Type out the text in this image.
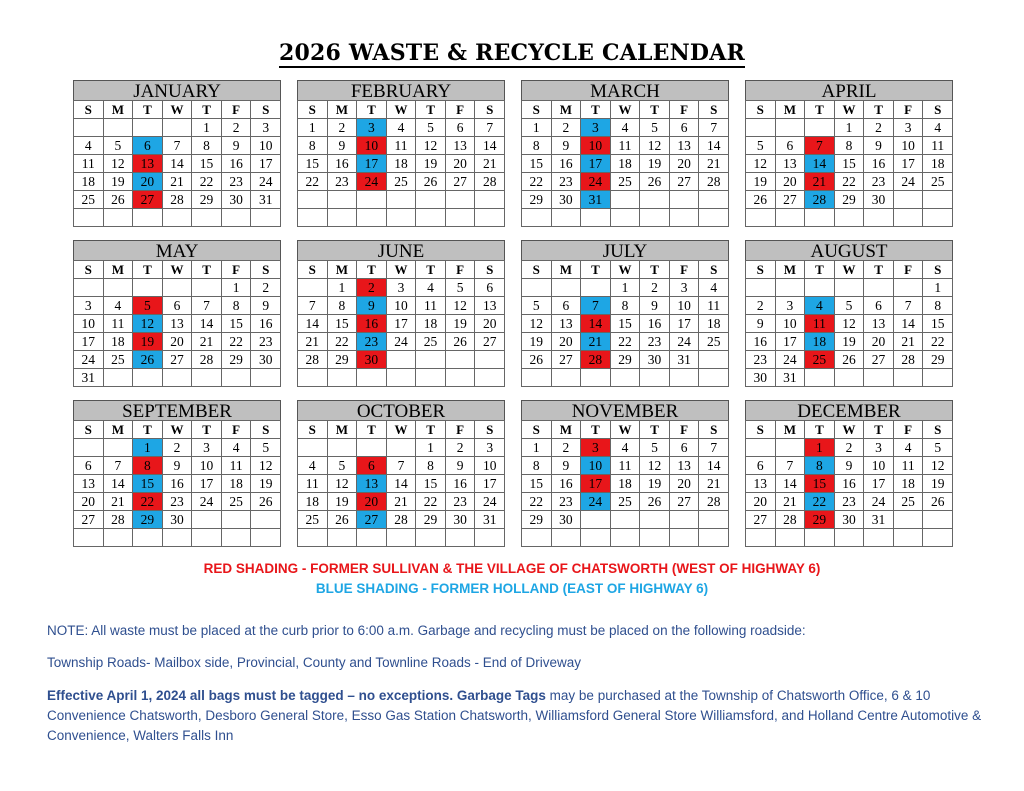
2026 WASTE & RECYCLE CALENDAR
JANUARY
S	M	T	W	T	F	S
				1	2	3
4	5	6	7	8	9	10
11	12	13	14	15	16	17
18	19	20	21	22	23	24
25	26	27	28	29	30	31

FEBRUARY
S	M	T	W	T	F	S
1	2	3	4	5	6	7
8	9	10	11	12	13	14
15	16	17	18	19	20	21
22	23	24	25	26	27	28

MARCH
S	M	T	W	T	F	S
1	2	3	4	5	6	7
8	9	10	11	12	13	14
15	16	17	18	19	20	21
22	23	24	25	26	27	28
29	30	31				

APRIL
S	M	T	W	T	F	S
			1	2	3	4
5	6	7	8	9	10	11
12	13	14	15	16	17	18
19	20	21	22	23	24	25
26	27	28	29	30		

MAY
S	M	T	W	T	F	S
					1	2
3	4	5	6	7	8	9
10	11	12	13	14	15	16
17	18	19	20	21	22	23
24	25	26	27	28	29	30
31						
JUNE
S	M	T	W	T	F	S
	1	2	3	4	5	6
7	8	9	10	11	12	13
14	15	16	17	18	19	20
21	22	23	24	25	26	27
28	29	30				

JULY
S	M	T	W	T	F	S
			1	2	3	4
5	6	7	8	9	10	11
12	13	14	15	16	17	18
19	20	21	22	23	24	25
26	27	28	29	30	31	

AUGUST
S	M	T	W	T	F	S
						1
2	3	4	5	6	7	8
9	10	11	12	13	14	15
16	17	18	19	20	21	22
23	24	25	26	27	28	29
30	31					
SEPTEMBER
S	M	T	W	T	F	S
		1	2	3	4	5
6	7	8	9	10	11	12
13	14	15	16	17	18	19
20	21	22	23	24	25	26
27	28	29	30			

OCTOBER
S	M	T	W	T	F	S
				1	2	3
4	5	6	7	8	9	10
11	12	13	14	15	16	17
18	19	20	21	22	23	24
25	26	27	28	29	30	31

NOVEMBER
S	M	T	W	T	F	S
1	2	3	4	5	6	7
8	9	10	11	12	13	14
15	16	17	18	19	20	21
22	23	24	25	26	27	28
29	30					

DECEMBER
S	M	T	W	T	F	S
		1	2	3	4	5
6	7	8	9	10	11	12
13	14	15	16	17	18	19
20	21	22	23	24	25	26
27	28	29	30	31		

RED SHADING - FORMER SULLIVAN & THE VILLAGE OF CHATSWORTH (WEST OF HIGHWAY 6)
BLUE SHADING - FORMER HOLLAND (EAST OF HIGHWAY 6)
NOTE: All waste must be placed at the curb prior to 6:00 a.m. Garbage and recycling must be placed on the following roadside:
Township Roads- Mailbox side, Provincial, County and Townline Roads - End of Driveway
Effective April 1, 2024 all bags must be tagged – no exceptions. Garbage Tags may be purchased at the Township of Chatsworth Office, 6 & 10 Convenience Chatsworth, Desboro General Store, Esso Gas Station Chatsworth, Williamsford General Store Williamsford, and Holland Centre Automotive & Convenience, Walters Falls Inn
